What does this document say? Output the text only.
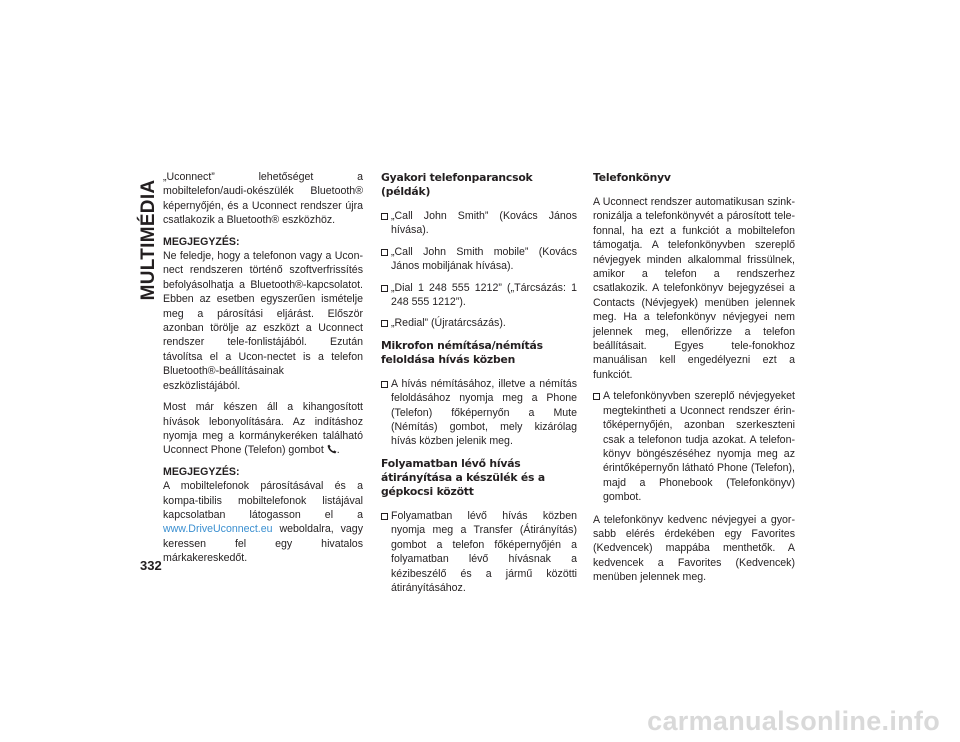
MULTIMÉDIA
332

„Uconnect” lehetőséget a mobiltelefon/audi-okészülék Bluetooth® képernyőjén, és a Uconnect rendszer újra csatlakozik a Bluetooth® eszközhöz.

MEGJEGYZÉS:

Ne feledje, hogy a telefonon vagy a Ucon-nect rendszeren történő szoftverfrissítés befolyásolhatja a Bluetooth®-kapcsolatot. Ebben az esetben egyszerűen ismételje meg a párosítási eljárást. Először azonban törölje az eszközt a Uconnect rendszer tele-fonlistájából. Ezután távolítsa el a Ucon-nectet is a telefon Bluetooth®-beállításainak eszközlistájából.

Most már készen áll a kihangosított hívások lebonyolítására. Az indításhoz nyomja meg a kormánykeréken található Uconnect Phone (Telefon) gombot .

MEGJEGYZÉS:

A mobiltelefonok párosításával és a kompa-tibilis mobiltelefonok listájával kapcsolatban látogasson el a www.DriveUconnect.eu weboldalra, vagy keressen fel egy hivatalos márkakereskedőt.

Gyakori telefonparancsok (példák)
„Call John Smith” (Kovács János hívása).
„Call John Smith mobile” (Kovács János mobiljának hívása).
„Dial 1 248 555 1212” („Tárcsázás: 1 248 555 1212”).
„Redial” (Újratárcsázás).
Mikrofon némítása/némítás feloldása hívás közben
A hívás némításához, illetve a némítás feloldásához nyomja meg a Phone (Telefon) főképernyőn a Mute (Némítás) gombot, mely kizárólag hívás közben jelenik meg.
Folyamatban lévő hívás átirányítása a készülék és a gépkocsi között
Folyamatban lévő hívás közben nyomja meg a Transfer (Átirányítás) gombot a telefon főképernyőjén a folyamatban lévő hívásnak a kézibeszélő és a jármű közötti átirányításához.
Telefonkönyv

A Uconnect rendszer automatikusan szink-ronizálja a telefonkönyvét a párosított tele-fonnal, ha ezt a funkciót a mobiltelefon támogatja. A telefonkönyvben szereplő névjegyek minden alkalommal frissülnek, amikor a telefon a rendszerhez csatlakozik. A telefonkönyv bejegyzései a Contacts (Névjegyek) menüben jelennek meg. Ha a telefonkönyv névjegyei nem jelennek meg, ellenőrizze a telefon beállításait. Egyes tele-fonokhoz manuálisan kell engedélyezni ezt a funkciót.

A telefonkönyvben szereplő névjegyeket megtekintheti a Uconnect rendszer érin-tőképernyőjén, azonban szerkeszteni csak a telefonon tudja azokat. A telefon-könyv böngészéséhez nyomja meg az érintőképernyőn látható Phone (Telefon), majd a Phonebook (Telefonkönyv) gombot.

A telefonkönyv kedvenc névjegyei a gyor-sabb elérés érdekében egy Favorites (Kedvencek) mappába menthetők. A kedvencek a Favorites (Kedvencek) menüben jelennek meg.

carmanualsonline.info
